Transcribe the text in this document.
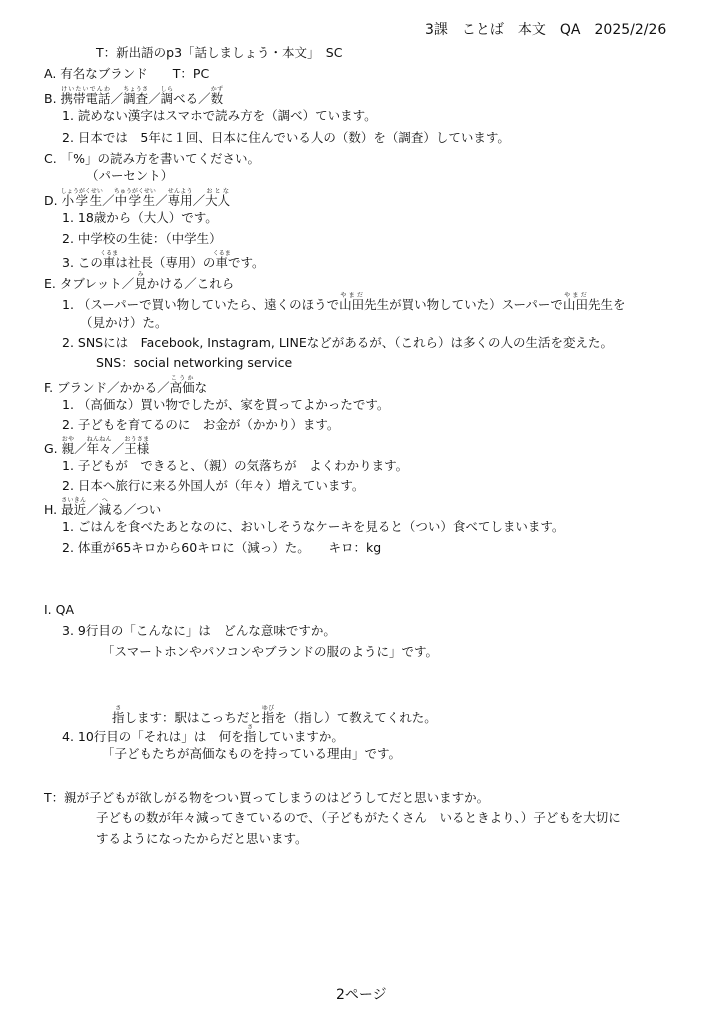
3課　ことば　本文　QA　2025/2/26
T：新出語のp3「話しましょう・本文」　SC
A. 有名なブランド　　T：PC
B. 携帯電話けいたいでんわ／調査ちょうさ／調しらべる／数かず
1. 読めない漢字はスマホで読み方を（調べ）ています。
2. 日本では　5年に１回、日本に住んでいる人の（数）を（調査）しています。
C. 「%」の読み方を書いてください。
（パーセント）
D. 小学生しょうがくせい／中学生ちゅうがくせい／専用せんよう／大人おとな
1. 18歳から（大人）です。
2. 中学校の生徒：（中学生）
3. この車くるまは社長（専用）の車くるまです。
E. タブレット／見みかける／これら
1. （スーパーで買い物していたら、遠くのほうで山田やまだ先生が買い物していた）スーパーで山田やまだ先生を
（見かけ）た。
2. SNSには　Facebook, Instagram, LINEなどがあるが、（これら）は多くの人の生活を変えた。
SNS：social networking service
F. ブランド／かかる／高価こうかな
1. （高価な）買い物でしたが、家を買ってよかったです。
2. 子どもを育てるのに　お金が（かかり）ます。
G. 親おや／年々ねんねん／王様おうさま
1. 子どもが　できると、（親）の気落ちが　よくわかります。
2. 日本へ旅行に来る外国人が（年々）増えています。
H. 最近さいきん／減へる／つい
1. ごはんを食べたあとなのに、おいしそうなケーキを見ると（つい）食べてしまいます。
2. 体重が65キロから60キロに（減っ）た。　　キロ：kg
I. QA
3. 9行目の「こんなに」は　どんな意味ですか。
「スマートホンやパソコンやブランドの服のように」です。
指さします：駅はこっちだと指ゆびを（指し）て教えてくれた。
4. 10行目の「それは」は　何を指さしていますか。
「子どもたちが高価なものを持っている理由」です。
T：親が子どもが欲しがる物をつい買ってしまうのはどうしてだと思いますか。
子どもの数が年々減ってきているので、（子どもがたくさん　いるときより、）子どもを大切に
するようになったからだと思います。
2ページ
